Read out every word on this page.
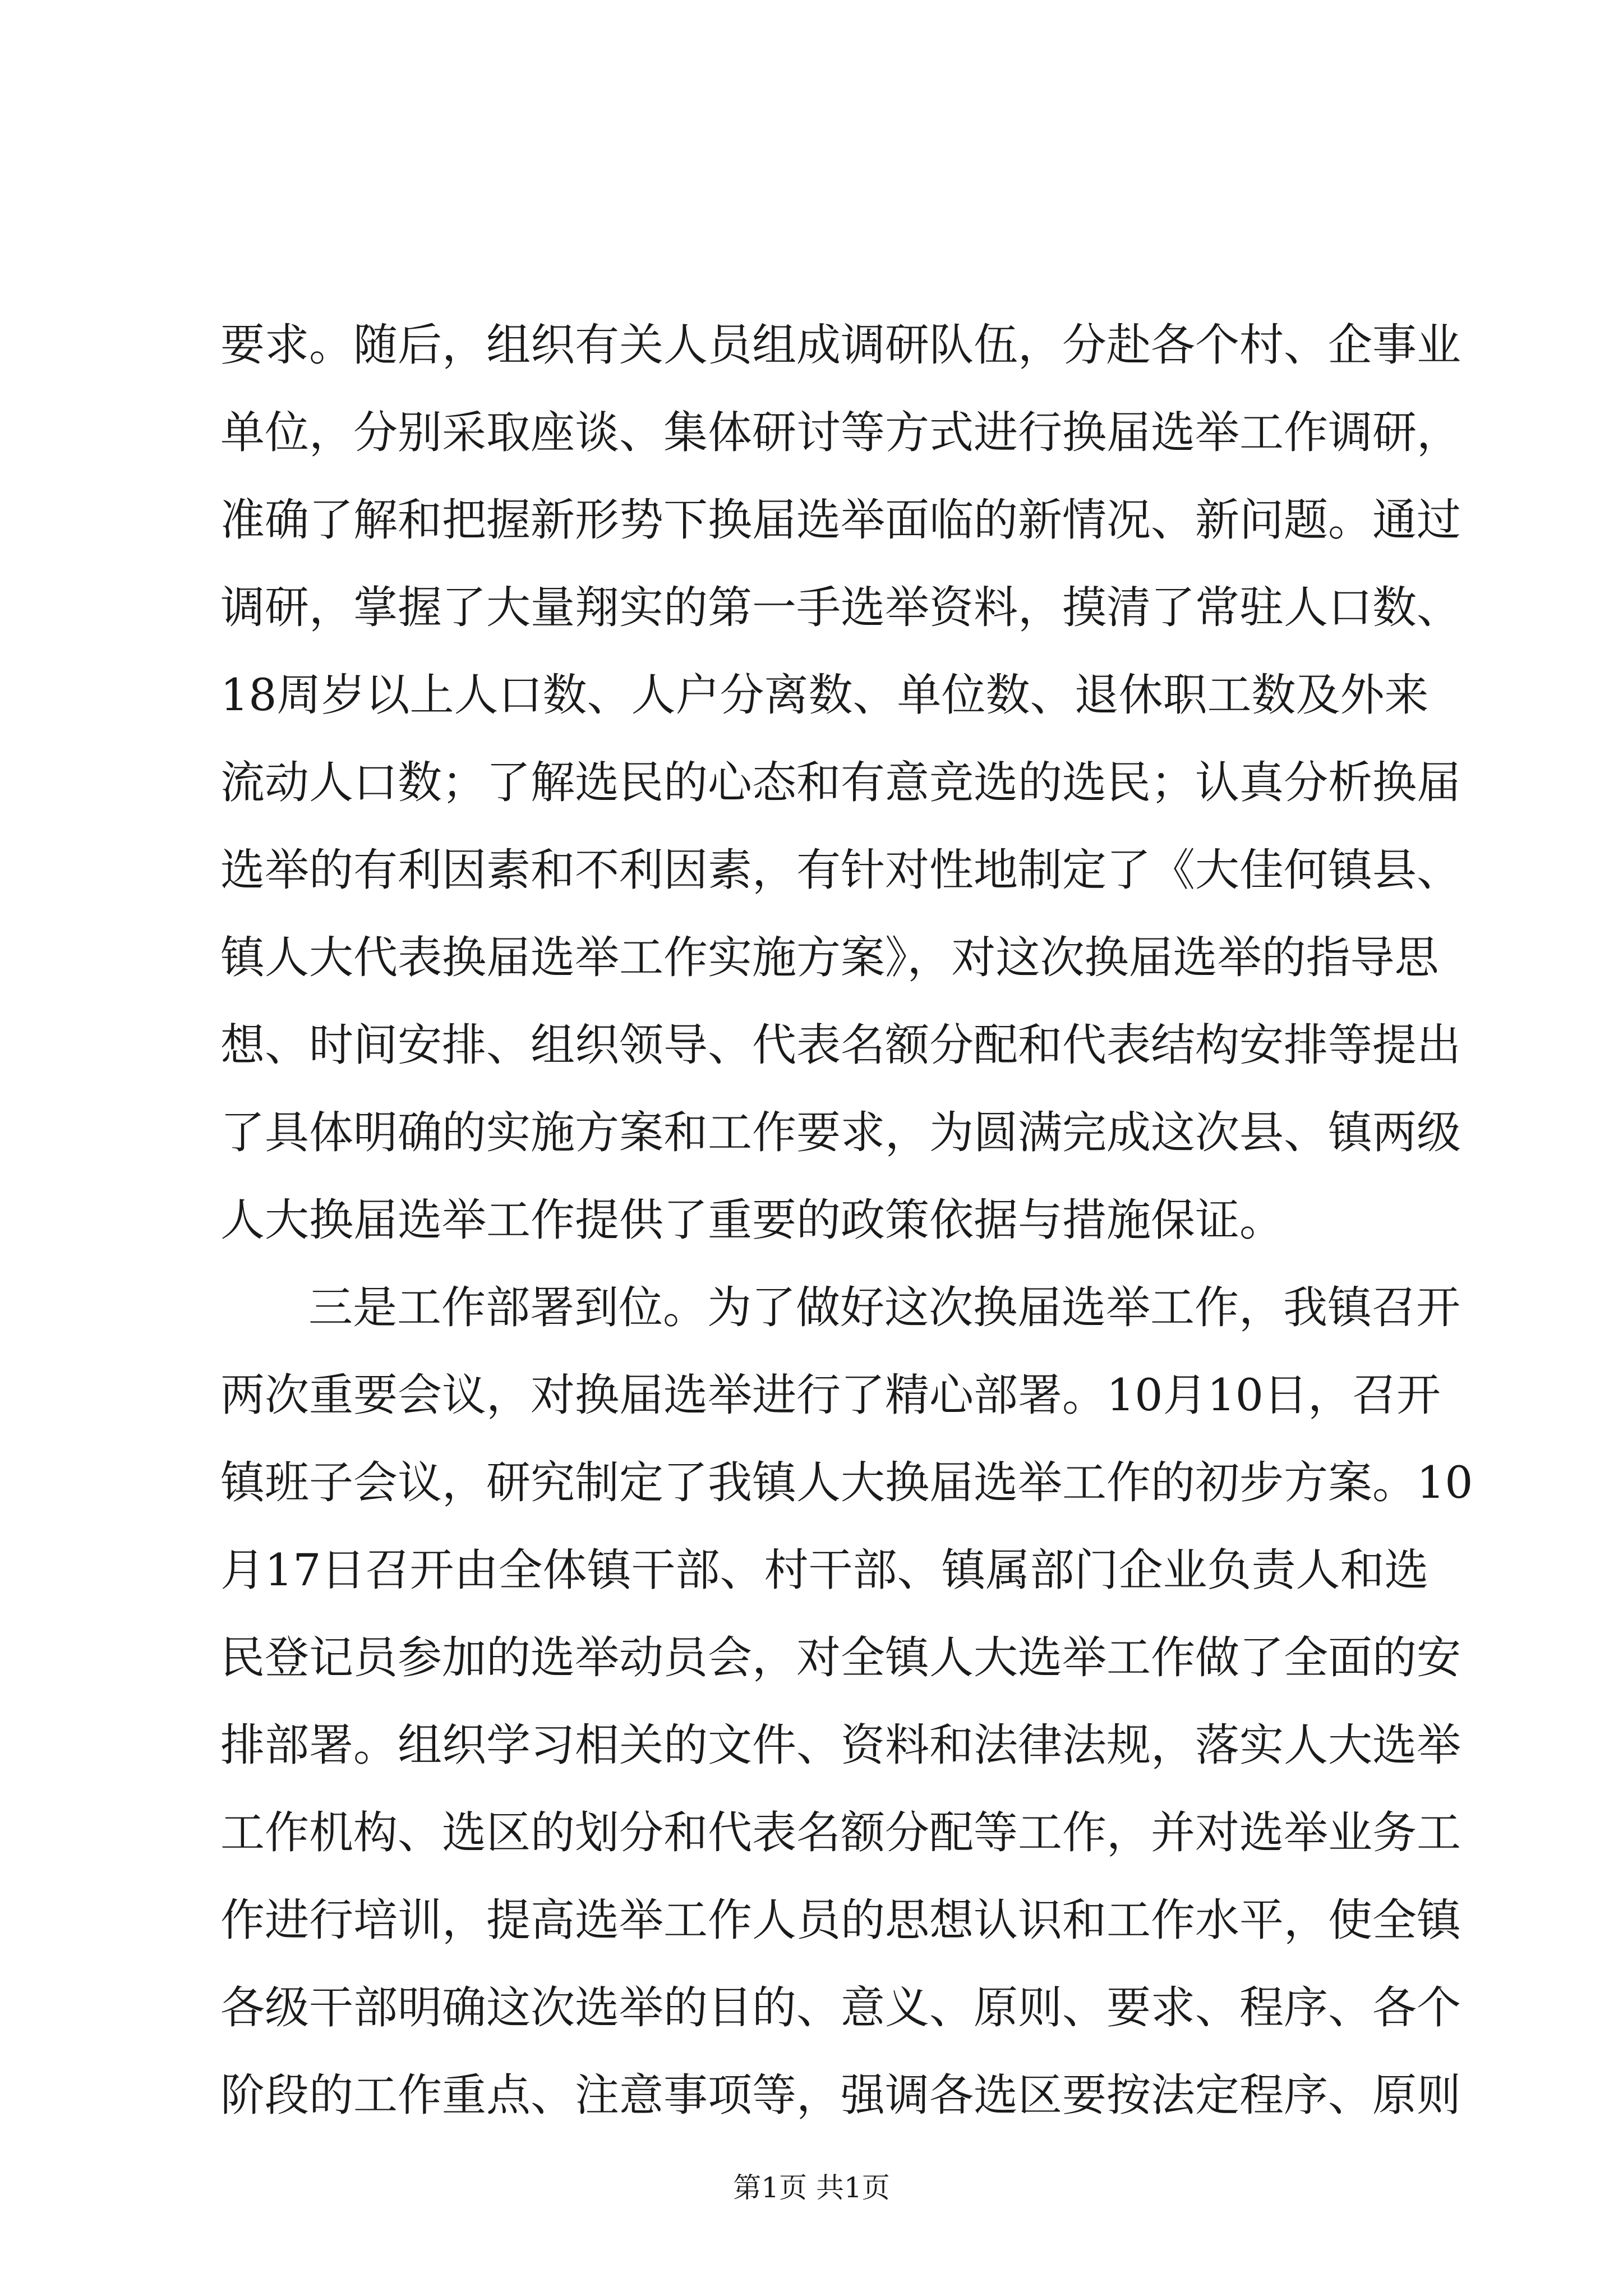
要求。随后，组织有关人员组成调研队伍，分赴各个村、企事业
单位，分别采取座谈、集体研讨等方式进行换届选举工作调研，
准确了解和把握新形势下换届选举面临的新情况、新问题。通过
调研，掌握了大量翔实的第一手选举资料，摸清了常驻人口数、
18周岁以上人口数、人户分离数、单位数、退休职工数及外来
流动人口数；了解选民的心态和有意竞选的选民；认真分析换届
选举的有利因素和不利因素，有针对性地制定了《大佳何镇县、
镇人大代表换届选举工作实施方案》，对这次换届选举的指导思
想、时间安排、组织领导、代表名额分配和代表结构安排等提出
了具体明确的实施方案和工作要求，为圆满完成这次县、镇两级
人大换届选举工作提供了重要的政策依据与措施保证。
三是工作部署到位。为了做好这次换届选举工作，我镇召开
两次重要会议，对换届选举进行了精心部署。10月10日，召开
镇班子会议，研究制定了我镇人大换届选举工作的初步方案。10
月17日召开由全体镇干部、村干部、镇属部门企业负责人和选
民登记员参加的选举动员会，对全镇人大选举工作做了全面的安
排部署。组织学习相关的文件、资料和法律法规，落实人大选举
工作机构、选区的划分和代表名额分配等工作，并对选举业务工
作进行培训，提高选举工作人员的思想认识和工作水平，使全镇
各级干部明确这次选举的目的、意义、原则、要求、程序、各个
阶段的工作重点、注意事项等，强调各选区要按法定程序、原则
第1页 共1页
